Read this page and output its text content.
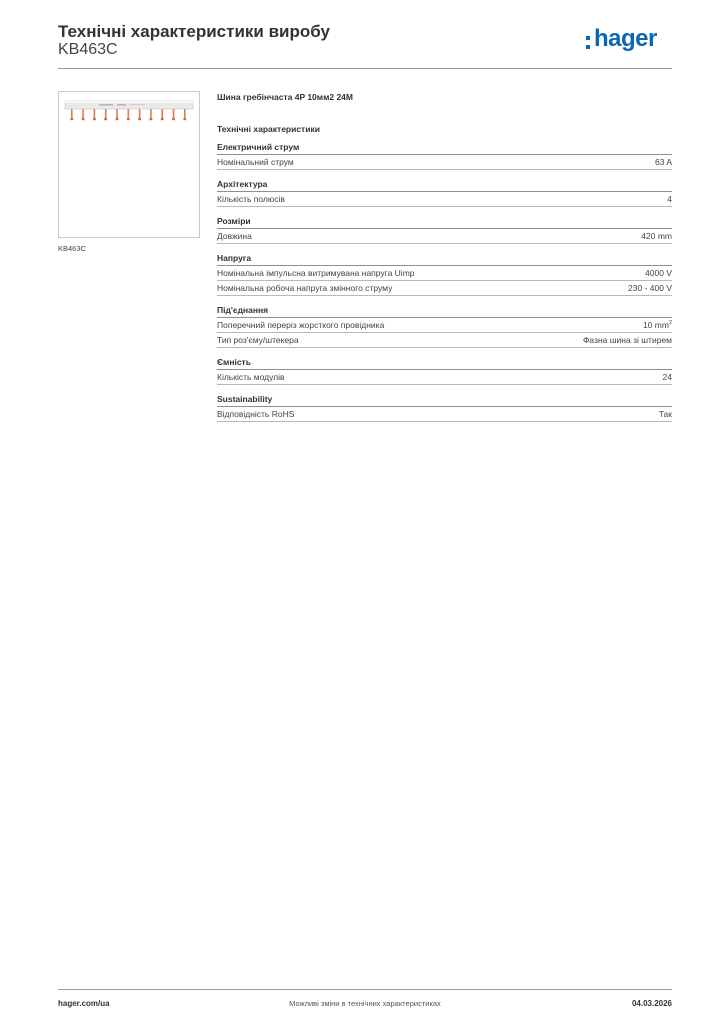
Технічні характеристики виробу
KB463C	hager
KB463C
Шина гребінчаста 4P 10мм2 24M
Технічні характеристики
Електричний струм
Номінальний струм	63 A
Архітектура
Кількість полюсів	4
Розміри
Довжина	420 mm
Напруга
Номінальна імпульсна витримувана напруга Uimp	4000 V
Номінальна робоча напруга змінного струму	230 - 400 V
Під'єднання
Поперечний переріз жорсткого провідника	10 $mm^2$
Тип роз'єму/штекера	Фазна шина зі штирем
Ємність
Кількість модулів	24
Sustainability
Відповідність RoHS	Так
hager.com/ua	Можливі зміни в технічних характеристиках	04.03.2026
